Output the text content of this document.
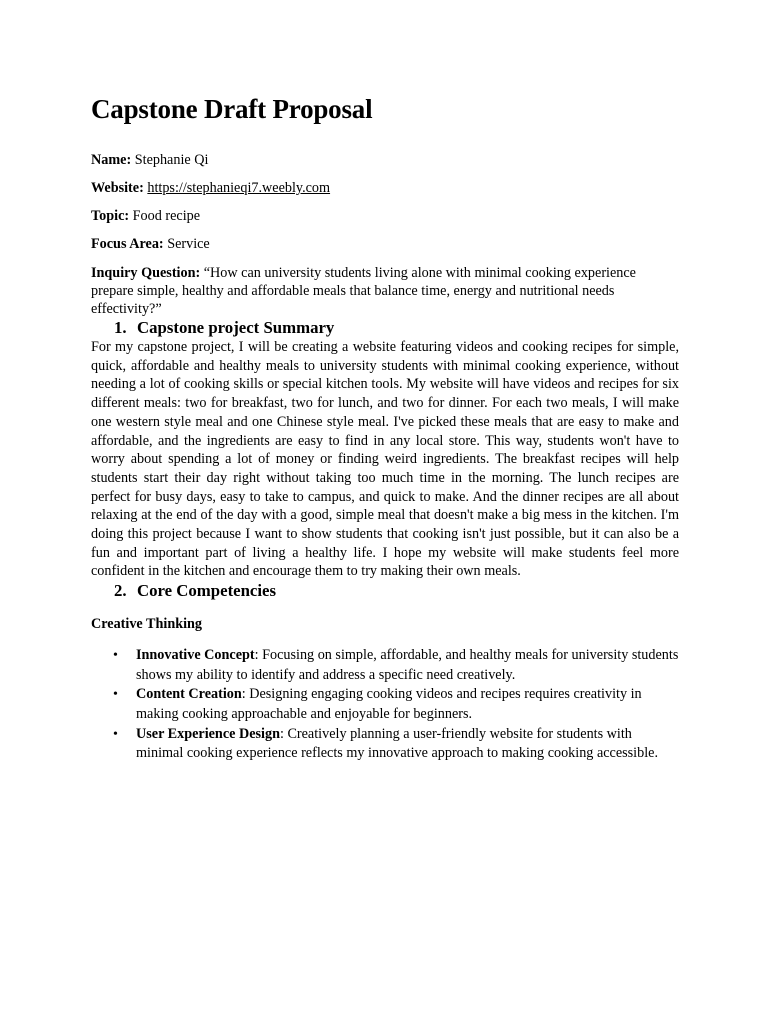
Capstone Draft Proposal

Name: Stephanie Qi

Website: https://stephanieqi7.weebly.com

Topic: Food recipe

Focus Area: Service

Inquiry Question: “How can university students living alone with minimal cooking experience prepare simple, healthy and affordable meals that balance time, energy and nutritional needs effectivity?”

1. Capstone project Summary

For my capstone project, I will be creating a website featuring videos and cooking recipes for simple, quick, affordable and healthy meals to university students with minimal cooking experience, without needing a lot of cooking skills or special kitchen tools. My website will have videos and recipes for six different meals: two for breakfast, two for lunch, and two for dinner. For each two meals, I will make one western style meal and one Chinese style meal. I've picked these meals that are easy to make and affordable, and the ingredients are easy to find in any local store. This way, students won't have to worry about spending a lot of money or finding weird ingredients. The breakfast recipes will help students start their day right without taking too much time in the morning. The lunch recipes are perfect for busy days, easy to take to campus, and quick to make. And the dinner recipes are all about relaxing at the end of the day with a good, simple meal that doesn't make a big mess in the kitchen. I'm doing this project because I want to show students that cooking isn't just possible, but it can also be a fun and important part of living a healthy life. I hope my website will make students feel more confident in the kitchen and encourage them to try making their own meals.

2. Core Competencies

Creative Thinking

• Innovative Concept: Focusing on simple, affordable, and healthy meals for university students shows my ability to identify and address a specific need creatively.
• Content Creation: Designing engaging cooking videos and recipes requires creativity in making cooking approachable and enjoyable for beginners.
• User Experience Design: Creatively planning a user-friendly website for students with minimal cooking experience reflects my innovative approach to making cooking accessible.
